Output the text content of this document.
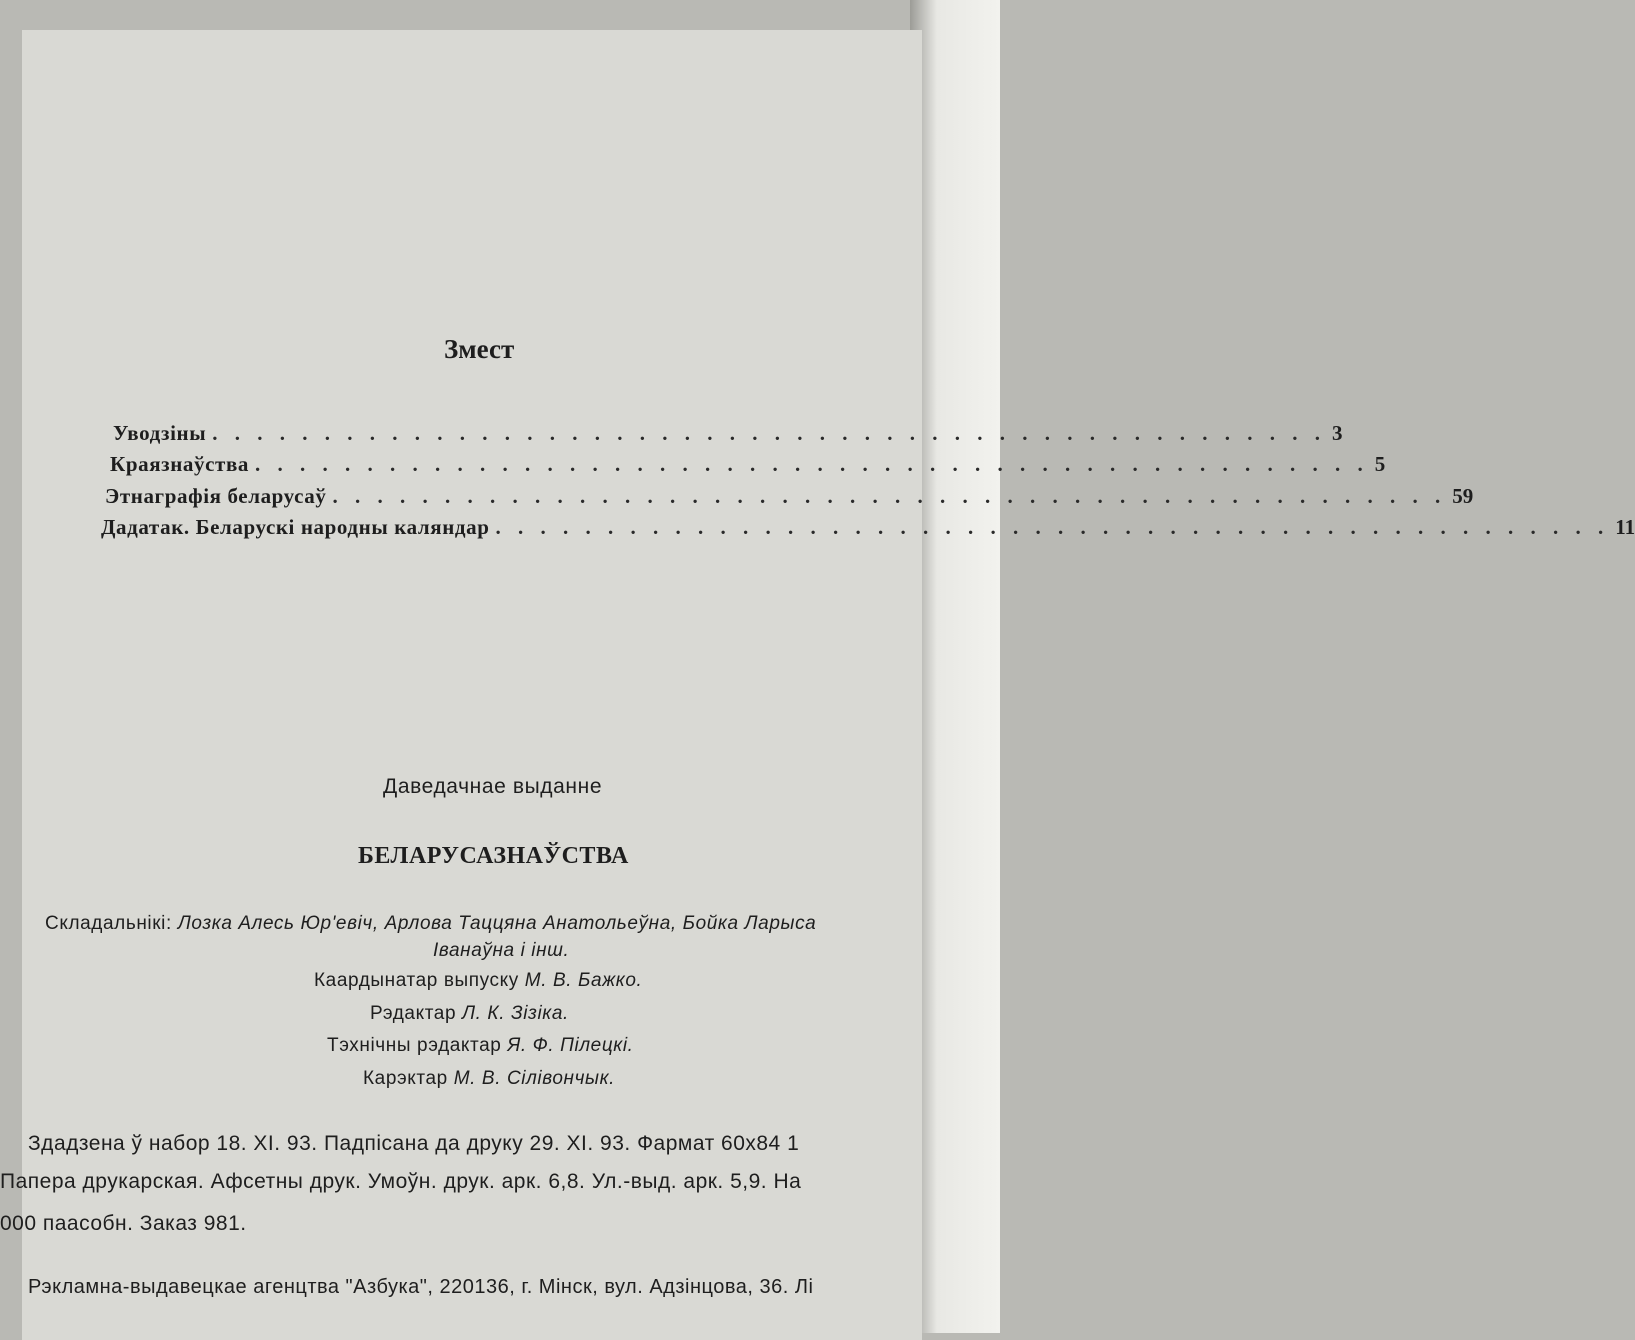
Змест
Уводзіны . . . . . . . . . . . . . . . . . . . . . . . . . . . . . . . . . . . . . . . . . . . . . . . . . . 3
Краязнаўства . . . . . . . . . . . . . . . . . . . . . . . . . . . . . . . . . . . . . . . . . . . . . . . . . . 5
Этнаграфія беларусаў . . . . . . . . . . . . . . . . . . . . . . . . . . . . . . . . . . . . . . . . . . . . . . . . . . 59
Дадатак. Беларускі народны каляндар . . . . . . . . . . . . . . . . . . . . . . . . . . . . . . . . . . . . . . . . . . . . . . . . . . 11
Даведачнае выданне
БЕЛАРУСАЗНАЎСТВА
Складальнікі: Лозка Алесь Юр'евіч, Арлова Таццяна Анатольеўна, Бойка Ларыса
Іванаўна і інш.
Каардынатар выпуску М. В. Бажко.
Рэдактар Л. К. Зізіка.
Тэхнічны рэдактар Я. Ф. Пілецкі.
Карэктар М. В. Сілівончык.
Здадзена ў набор 18. XI. 93. Падпісана да друку 29. XI. 93. Фармат 60х84 1
Папера друкарская. Афсетны друк. Умоўн. друк. арк. 6,8. Ул.-выд. арк. 5,9. На
000 паасобн. Заказ 981.
Рэкламна-выдавецкае агенцтва "Азбука", 220136, г. Мінск, вул. Адзінцова, 36. Лі
